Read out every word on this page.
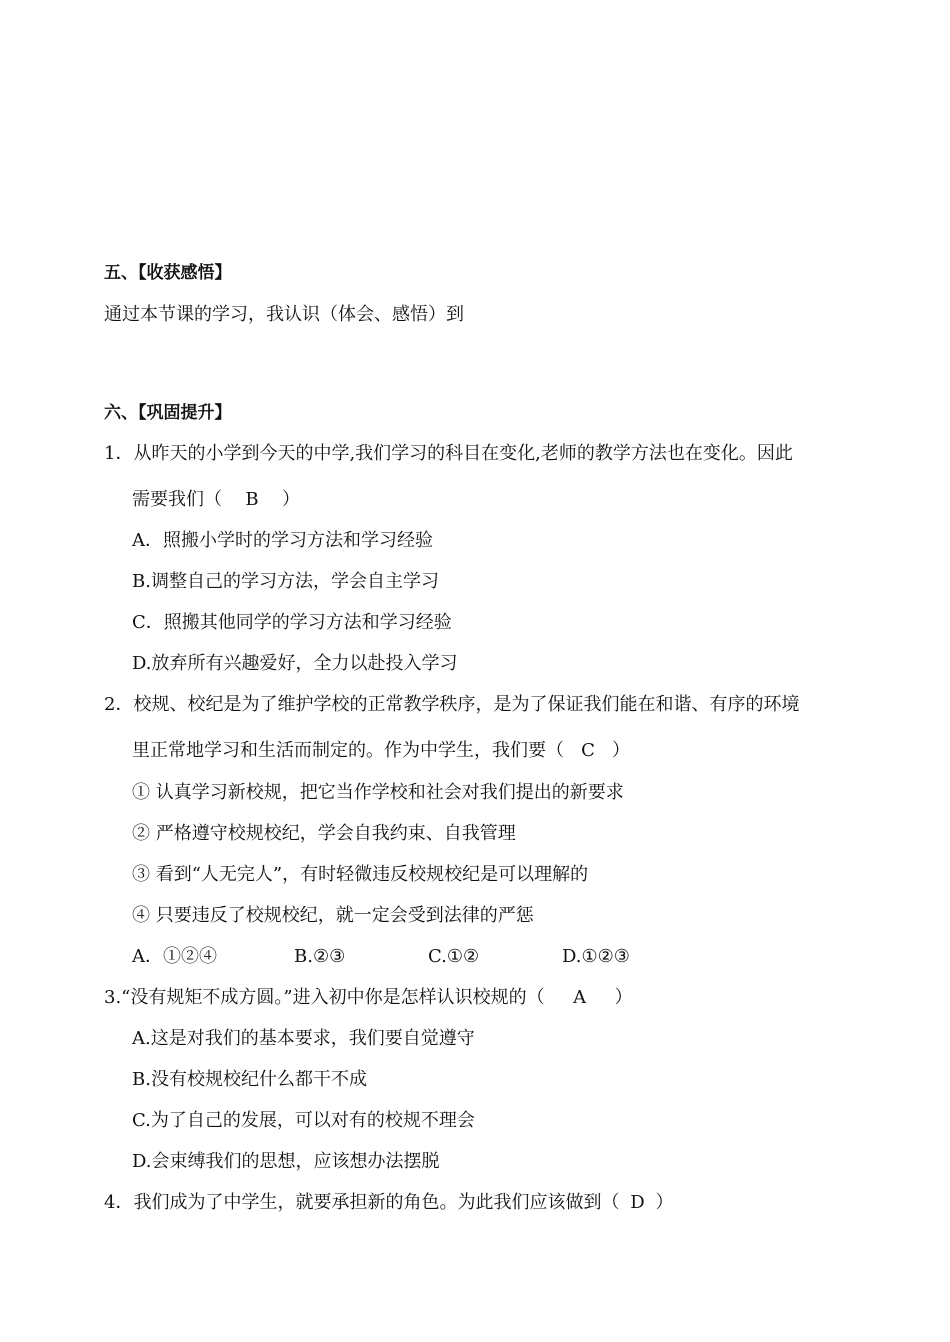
五、【收获感悟】
通过本节课的学习，我认识（体会、感悟）到
六、【巩固提升】
1．从昨天的小学到今天的中学,我们学习的科目在变化,老师的教学方法也在变化。因此
需要我们（ B ）
A．照搬小学时的学习方法和学习经验
B.调整自己的学习方法，学会自主学习
C．照搬其他同学的学习方法和学习经验
D.放弃所有兴趣爱好，全力以赴投入学习
2．校规、校纪是为了维护学校的正常教学秩序，是为了保证我们能在和谐、有序的环境
里正常地学习和生活而制定的。作为中学生，我们要（ C ）
① 认真学习新校规，把它当作学校和社会对我们提出的新要求
② 严格遵守校规校纪，学会自我约束、自我管理
③ 看到“人无完人”，有时轻微违反校规校纪是可以理解的
④ 只要违反了校规校纪，就一定会受到法律的严惩
A．①②④	B.②③	C.①②	D.①②③
3.“没有规矩不成方圆。”进入初中你是怎样认识校规的（ A ）
A.这是对我们的基本要求，我们要自觉遵守
B.没有校规校纪什么都干不成
C.为了自己的发展，可以对有的校规不理会
D.会束缚我们的思想，应该想办法摆脱
4．我们成为了中学生，就要承担新的角色。为此我们应该做到（ D ）
